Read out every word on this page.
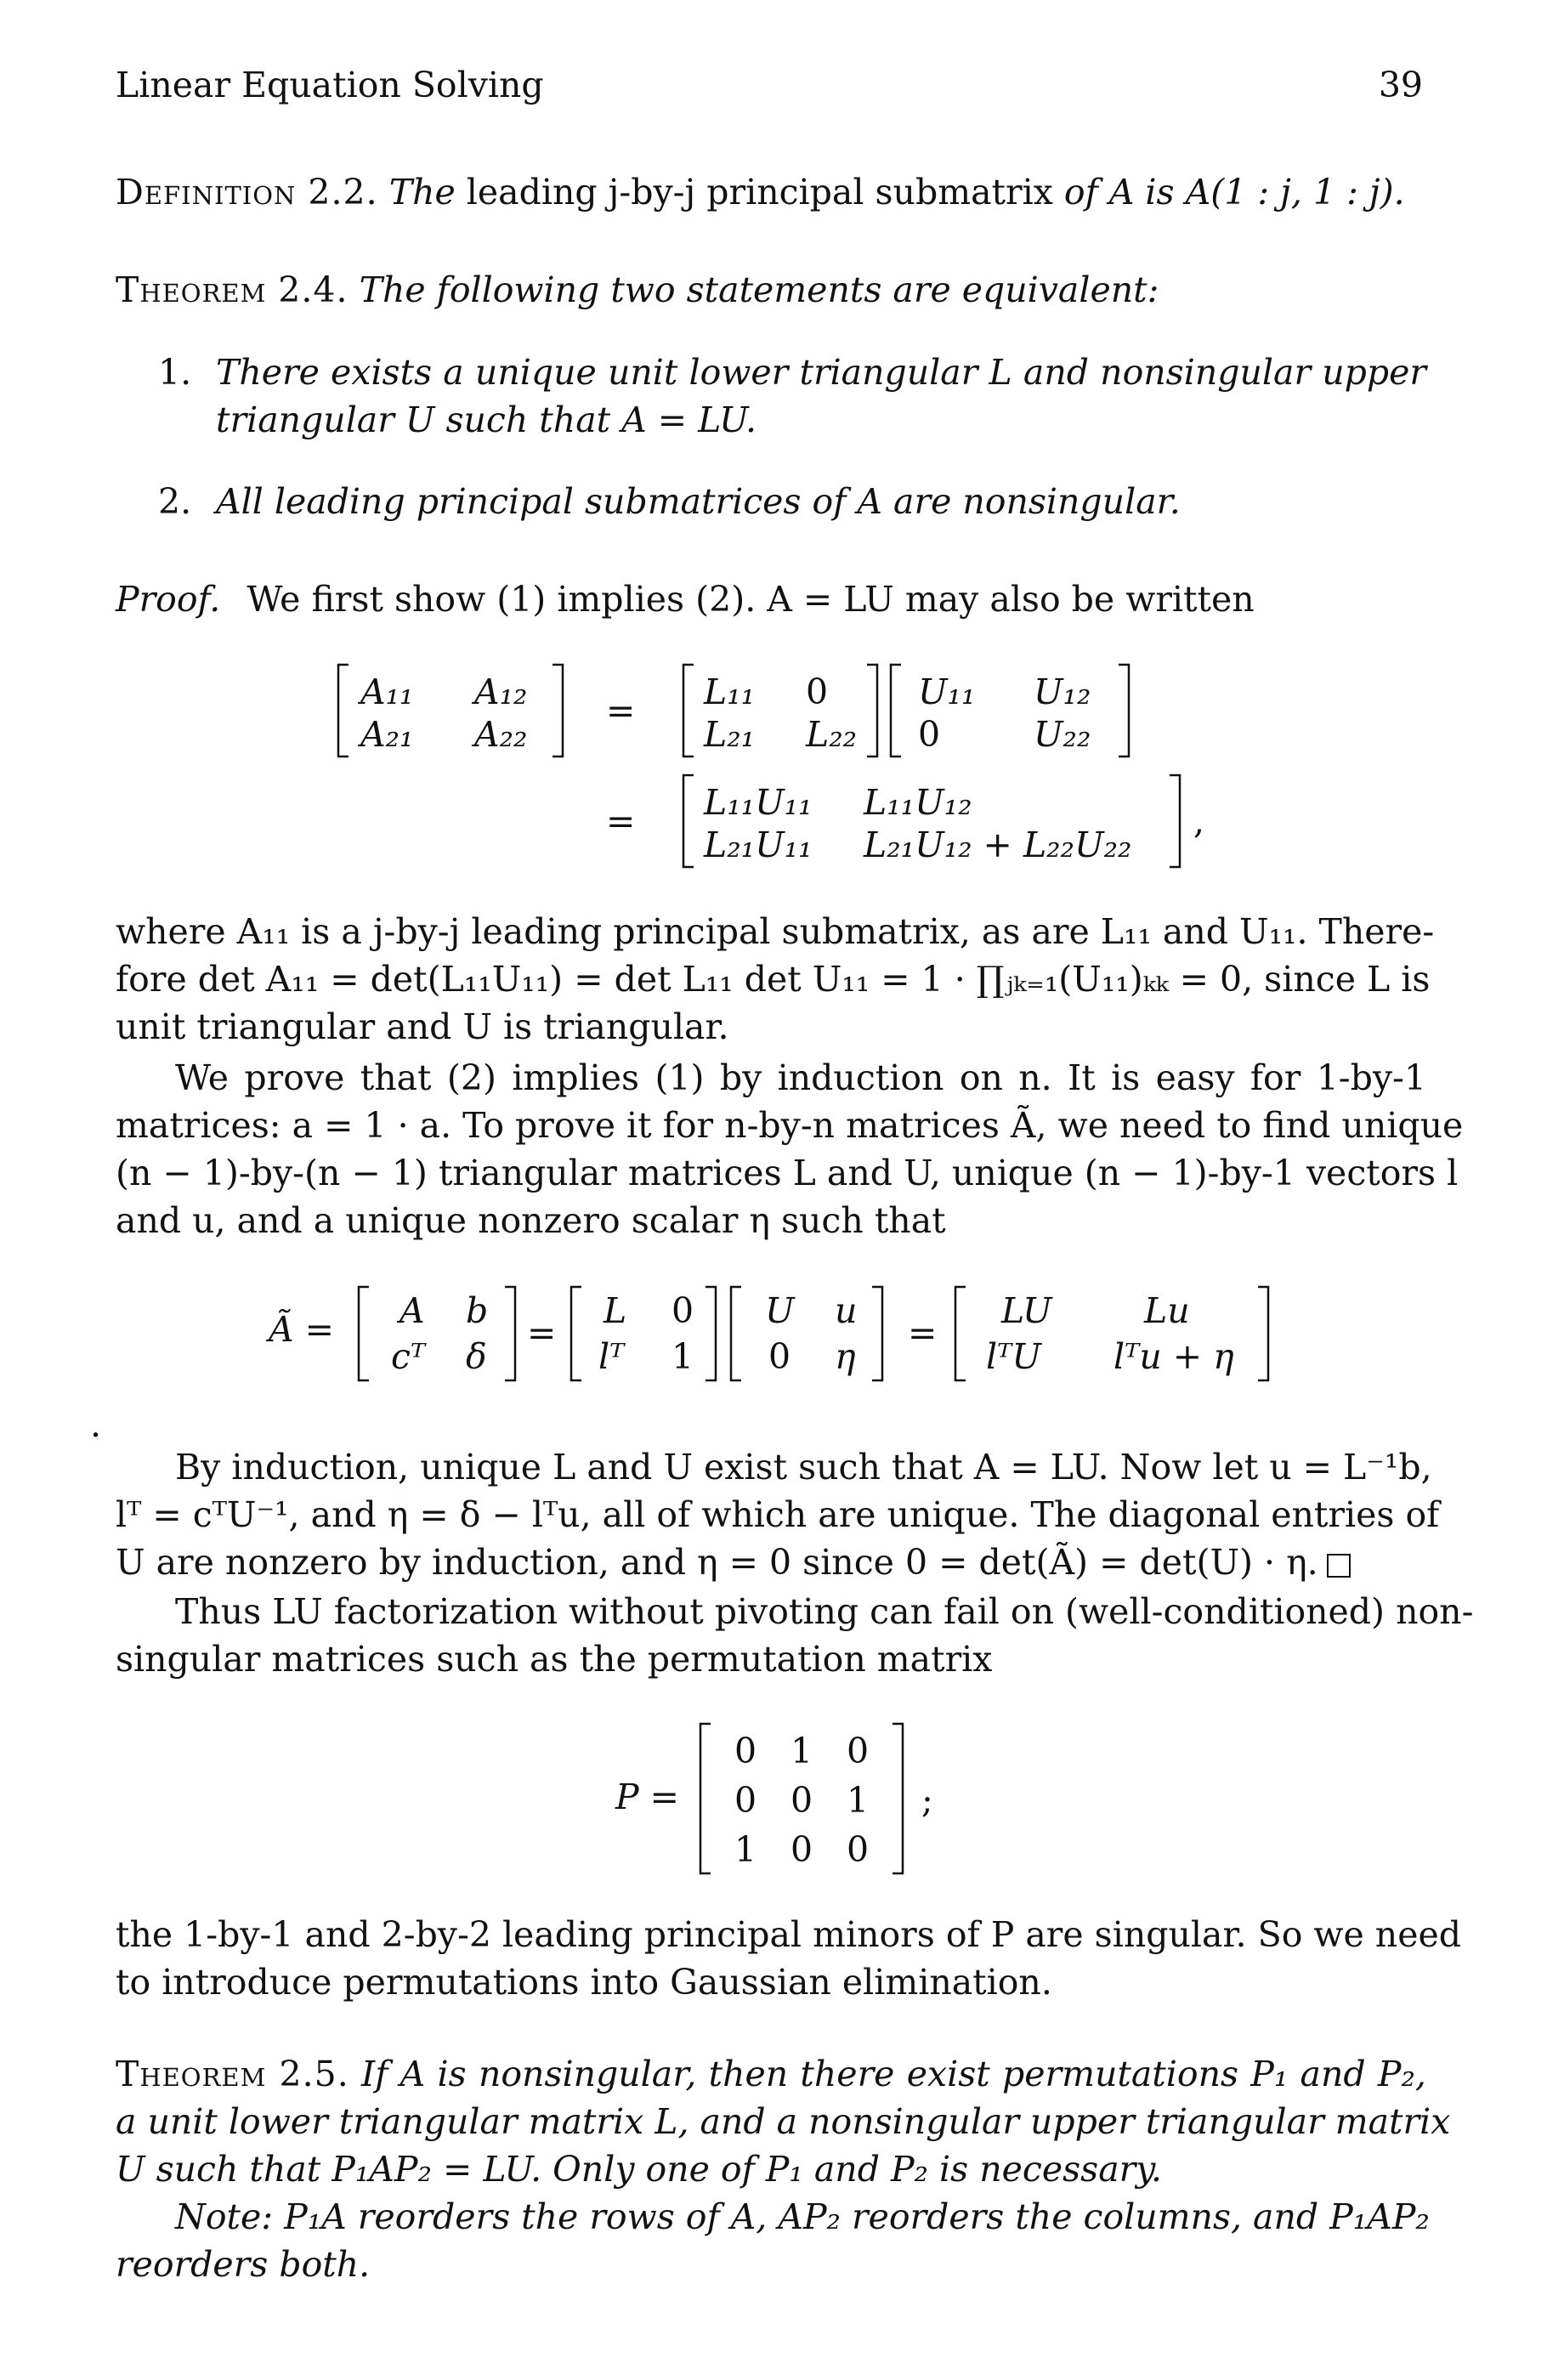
Linear Equation Solving	39
Definition 2.2. The leading j-by-j principal submatrix of A is A(1 : j, 1 : j).
Theorem 2.4. The following two statements are equivalent:
1. There exists a unique unit lower triangular L and nonsingular upper
triangular U such that A = LU.
2. All leading principal submatrices of A are nonsingular.
Proof. We first show (1) implies (2). A = LU may also be written
A₁₁ A₁₂
A₂₁ A₂₂
= L₁₁ 0
L₂₁ L₂₂
U₁₁ U₁₂
0	U₂₂
= L₁₁U₁₁ L₁₁U₁₂
L₂₁U₁₁ L₂₁U₁₂ + L₂₂U₂₂
,
where A₁₁ is a j-by-j leading principal submatrix, as are L₁₁ and U₁₁. There-
fore det A₁₁ = det(L₁₁U₁₁) = det L₁₁ det U₁₁ = 1 · ∏ⱼₖ₌₁(U₁₁)ₖₖ = 0, since L is
unit triangular and U is triangular.
We prove that (2) implies (1) by induction on n. It is easy for 1-by-1
matrices: a = 1 · a. To prove it for n-by-n matrices Ã, we need to find unique
(n − 1)-by-(n − 1) triangular matrices L and U, unique (n − 1)-by-1 vectors l
and u, and a unique nonzero scalar η such that
Ã = A b
cᵀ δ
=
L 0
lᵀ 1
U u
0 η
=
LU	Lu
lᵀU lᵀu + η
.
By induction, unique L and U exist such that A = LU. Now let u = L⁻¹b,
lᵀ = cᵀU⁻¹, and η = δ − lᵀu, all of which are unique. The diagonal entries of
U are nonzero by induction, and η = 0 since 0 = det(Ã) = det(U) · η.
Thus LU factorization without pivoting can fail on (well-conditioned) non-
singular matrices such as the permutation matrix
P =
0 1 0
0 0 1
1 0 0
;
the 1-by-1 and 2-by-2 leading principal minors of P are singular. So we need
to introduce permutations into Gaussian elimination.
Theorem 2.5. If A is nonsingular, then there exist permutations P₁ and P₂,
a unit lower triangular matrix L, and a nonsingular upper triangular matrix
U such that P₁AP₂ = LU. Only one of P₁ and P₂ is necessary.
Note: P₁A reorders the rows of A, AP₂ reorders the columns, and P₁AP₂
reorders both.
